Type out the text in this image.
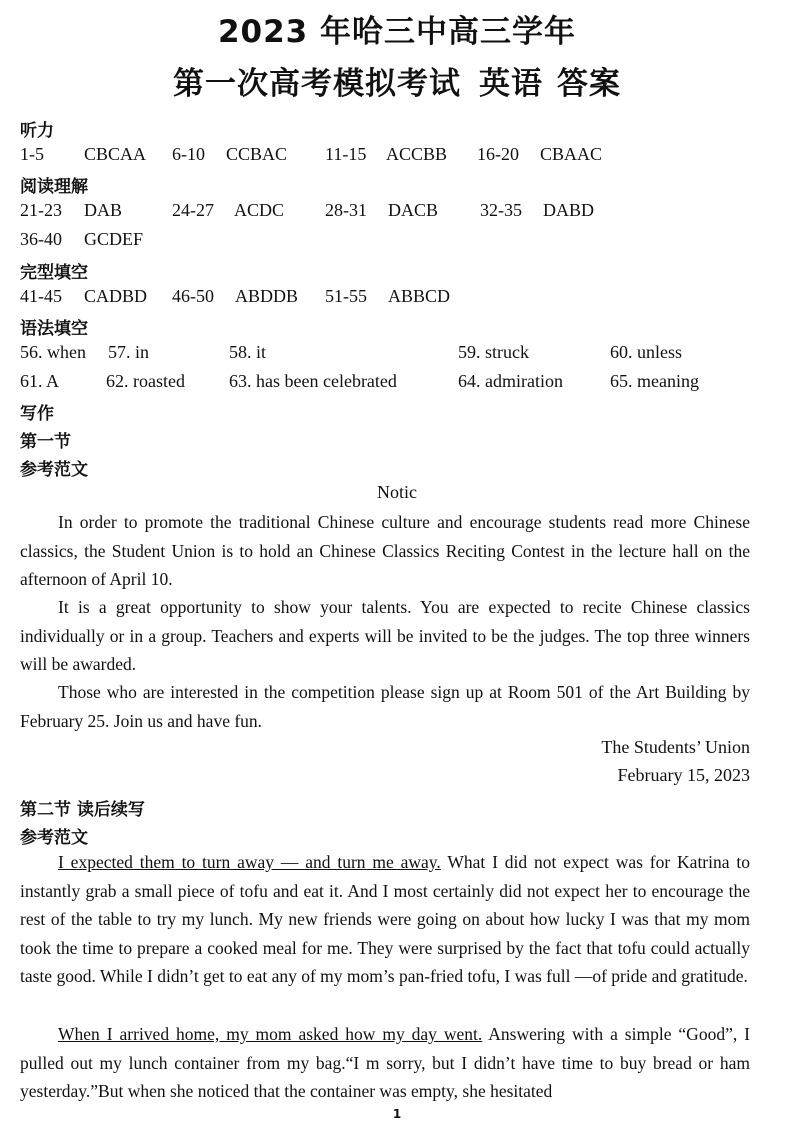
2023 年哈三中高三学年
第一次高考模拟考试 英语 答案
听力
1-5 CBCAA 6-10 CCBAC 11-15 ACCBB 16-20 CBAAC
阅读理解
21-23 DAB	24-27 ACDC 28-31 DACB 32-35 DABD
36-40 GCDEF
完型填空
41-45 CADBD 46-50 ABDDB 51-55 ABBCD
语法填空
56. when 57. in	58. it	59. struck	60. unless
61. A	62. roasted 63. has been celebrated	64. admiration	65. meaning
写作
第一节
参考范文
Notic
In order to promote the traditional Chinese culture and encourage students read more Chinese classics, the Student Union is to hold an Chinese Classics Reciting Contest in the lecture hall on the afternoon of April 10.
It is a great opportunity to show your talents. You are expected to recite Chinese classics individually or in a group. Teachers and experts will be invited to be the judges. The top three winners will be awarded.
Those who are interested in the competition please sign up at Room 501 of the Art Building by February 25. Join us and have fun.
The Students’ Union
February 15, 2023
第二节 读后续写
参考范文
I expected them to turn away — and turn me away. What I did not expect was for Katrina to instantly grab a small piece of tofu and eat it. And I most certainly did not expect her to encourage the rest of the table to try my lunch. My new friends were going on about how lucky I was that my mom took the time to prepare a cooked meal for me. They were surprised by the fact that tofu could actually taste good. While I didn’t get to eat any of my mom’s pan-fried tofu, I was full —of pride and gratitude.
When I arrived home, my mom asked how my day went. Answering with a simple “Good”, I pulled out my lunch container from my bag.“I m sorry, but I didn’t have time to buy bread or ham yesterday.”But when she noticed that the container was empty, she hesitated
1
